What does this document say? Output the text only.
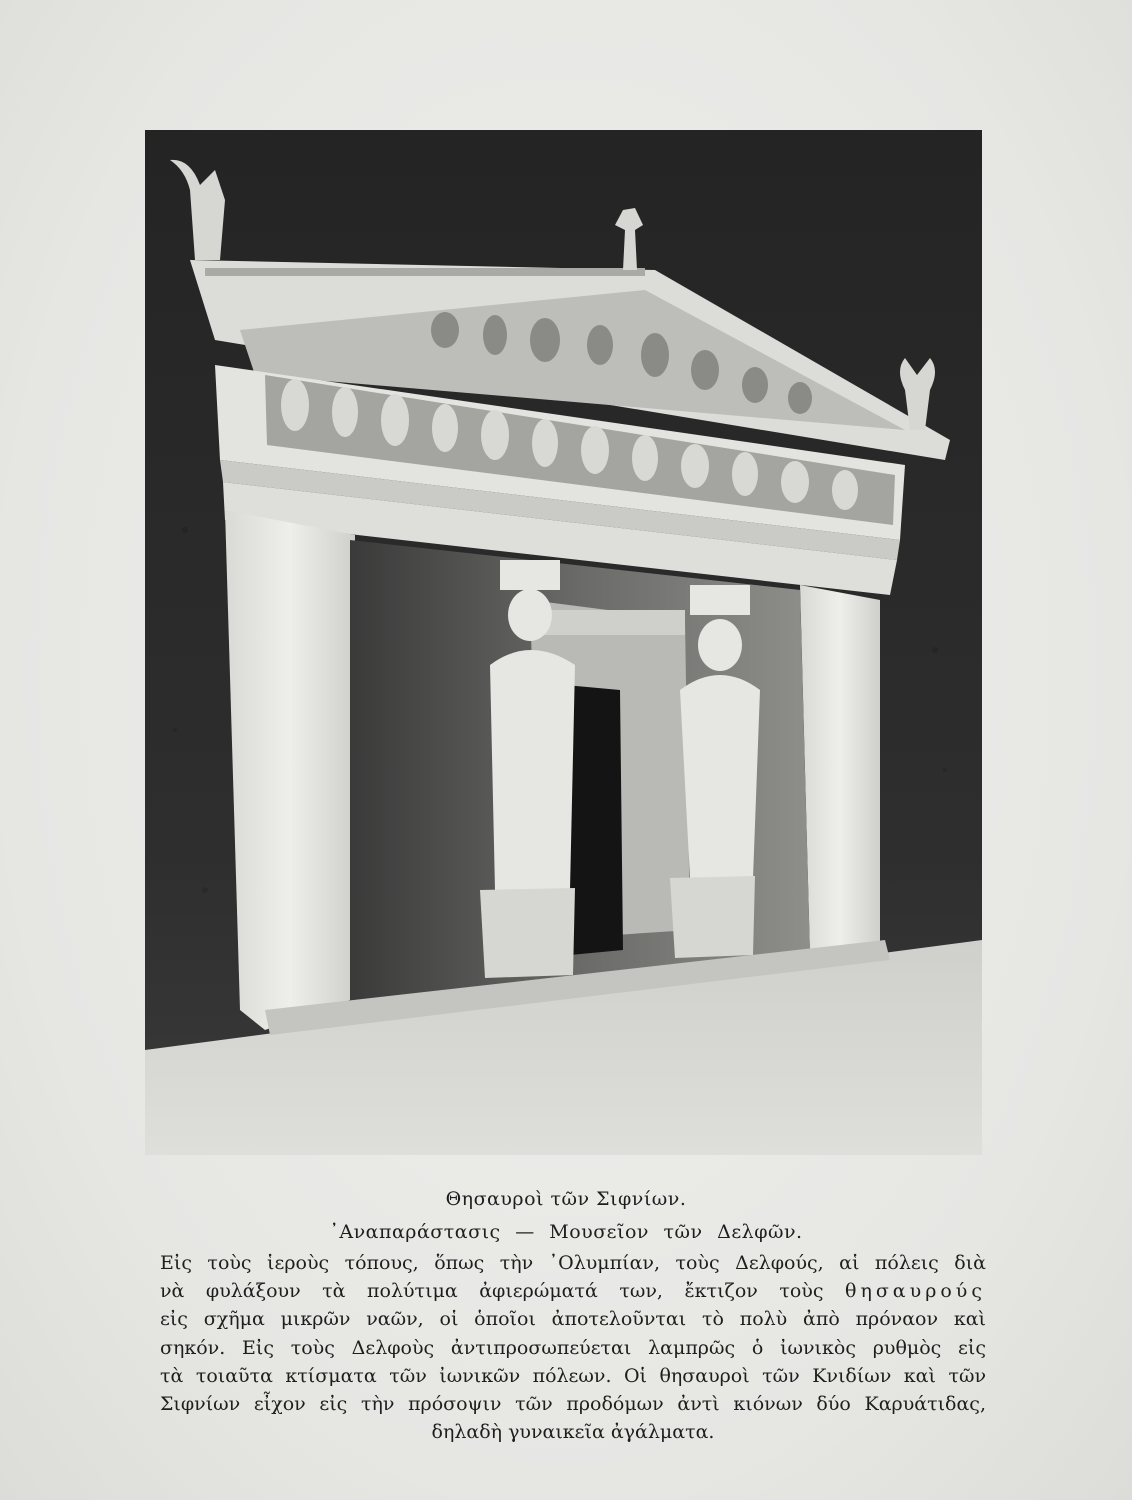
Θησαυροὶ τῶν Σιφνίων.
᾽Αναπαράστασις — Μουσεῖον τῶν Δελφῶν.
Εἰς τοὺς ἱεροὺς τόπους, ὅπως τὴν ᾽Ολυμπίαν, τοὺς Δελφούς, αἱ πόλεις διὰ
νὰ φυλάξουν τὰ πολύτιμα ἀφιερώματά των, ἔκτιζον τοὺς θησαυρούς
εἰς σχῆμα μικρῶν ναῶν, οἱ ὁποῖοι ἀποτελοῦνται τὸ πολὺ ἀπὸ πρόναον καὶ
σηκόν. Εἰς τοὺς Δελφοὺς ἀντιπροσωπεύεται λαμπρῶς ὁ ἰωνικὸς ρυθμὸς εἰς
τὰ τοιαῦτα κτίσματα τῶν ἰωνικῶν πόλεων. Οἱ θησαυροὶ τῶν Κνιδίων καὶ τῶν
Σιφνίων εἶχον εἰς τὴν πρόσοψιν τῶν προδόμων ἀντὶ κιόνων δύο Καρυάτιδας,
δηλαδὴ γυναικεῖα ἀγάλματα.
